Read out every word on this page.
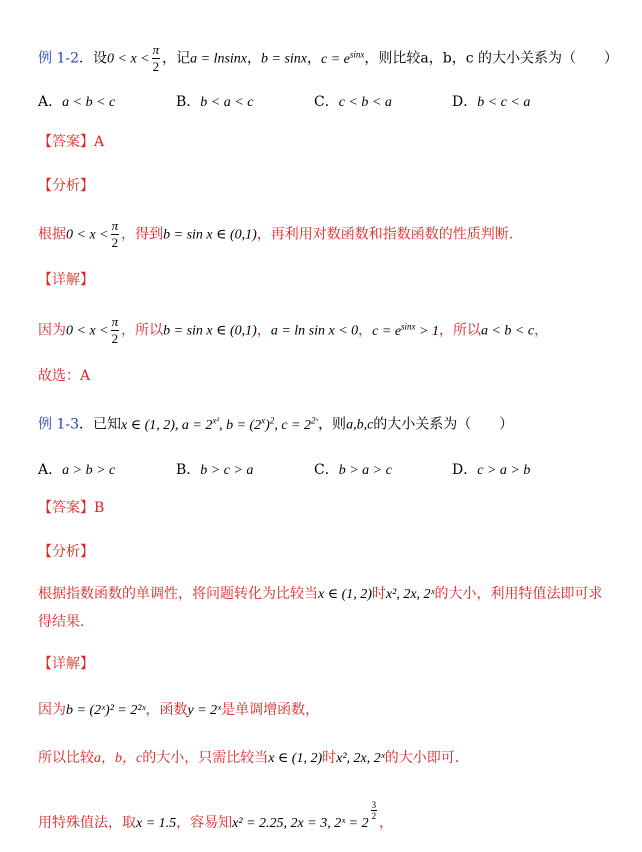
例 1-2．设$0 < x < \frac{\pi}{2}$ ，记a = lnsinx，b = sinx，$c = e^{sinx}$，则比较a，b，c 的大小关系为（　　）
A．a < b < c	B．b < a < c	C．c < b < a	D．b < c < a
【答案】A
【分析】
根据$0 < x < \frac{\pi}{2}$ ，得到b = sin x ∈ (0,1)，再利用对数函数和指数函数的性质判断.
【详解】
因为$0 < x < \frac{\pi}{2}$ ，所以b = sin x ∈ (0,1)，a = ln sin x < 0，$c = e^{sinx} > 1$，所以a < b < c，
故选：A
例 1-3．已知x ∈ (1, 2), $a = 2^{x^2}$, $b = (2^x)^2$, $c = 2^{2ˣ}$，则a,b,c的大小关系为（　　）
A．a > b > c	B．b > c > a	C．b > a > c	D．c > a > b
【答案】B
【分析】
根据指数函数的单调性，将问题转化为比较当x ∈ (1, 2)时x², 2x, 2ˣ的大小，利用特值法即可求
得结果.
【详解】
因为b = (2ˣ)² = 2²ˣ，函数y = 2ˣ是单调增函数，
所以比较a，b，c的大小，只需比较当x ∈ (1, 2)时x², 2x, 2ˣ的大小即可.
用特殊值法，取x = 1.5，容易知x² = 2.25, 2x = 3, 2ˣ = 2
$\frac{3}{2}$
，
